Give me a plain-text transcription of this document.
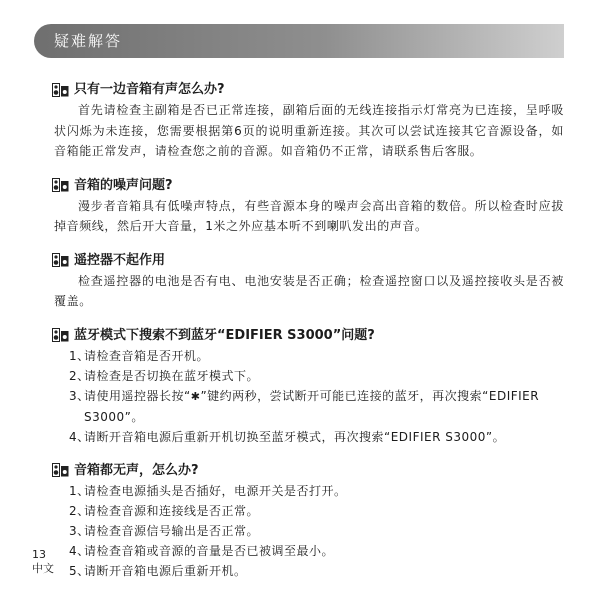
疑难解答
只有一边音箱有声怎么办?

首先请检查主副箱是否已正常连接，副箱后面的无线连接指示灯常亮为已连接，呈呼吸状闪烁为未连接，您需要根据第6页的说明重新连接。其次可以尝试连接其它音源设备，如音箱能正常发声，请检查您之前的音源。如音箱仍不正常，请联系售后客服。

音箱的噪声问题?

漫步者音箱具有低噪声特点，有些音源本身的噪声会高出音箱的数倍。所以检查时应拔掉音频线，然后开大音量，1米之外应基本听不到喇叭发出的声音。

遥控器不起作用

检查遥控器的电池是否有电、电池安装是否正确；检查遥控窗口以及遥控接收头是否被覆盖。

蓝牙模式下搜索不到蓝牙“EDIFIER S3000”问题?
1、
请检查音箱是否开机。
2、
请检查是否切换在蓝牙模式下。
3、
请使用遥控器长按“✱”键约两秒，尝试断开可能已连接的蓝牙，再次搜索“EDIFIER S3000”。
4、
请断开音箱电源后重新开机切换至蓝牙模式，再次搜索“EDIFIER S3000”。
音箱都无声，怎么办?
1、
请检查电源插头是否插好，电源开关是否打开。
2、
请检查音源和连接线是否正常。
3、
请检查音源信号输出是否正常。
4、
请检查音箱或音源的音量是否已被调至最小。
5、
请断开音箱电源后重新开机。
13
中文
